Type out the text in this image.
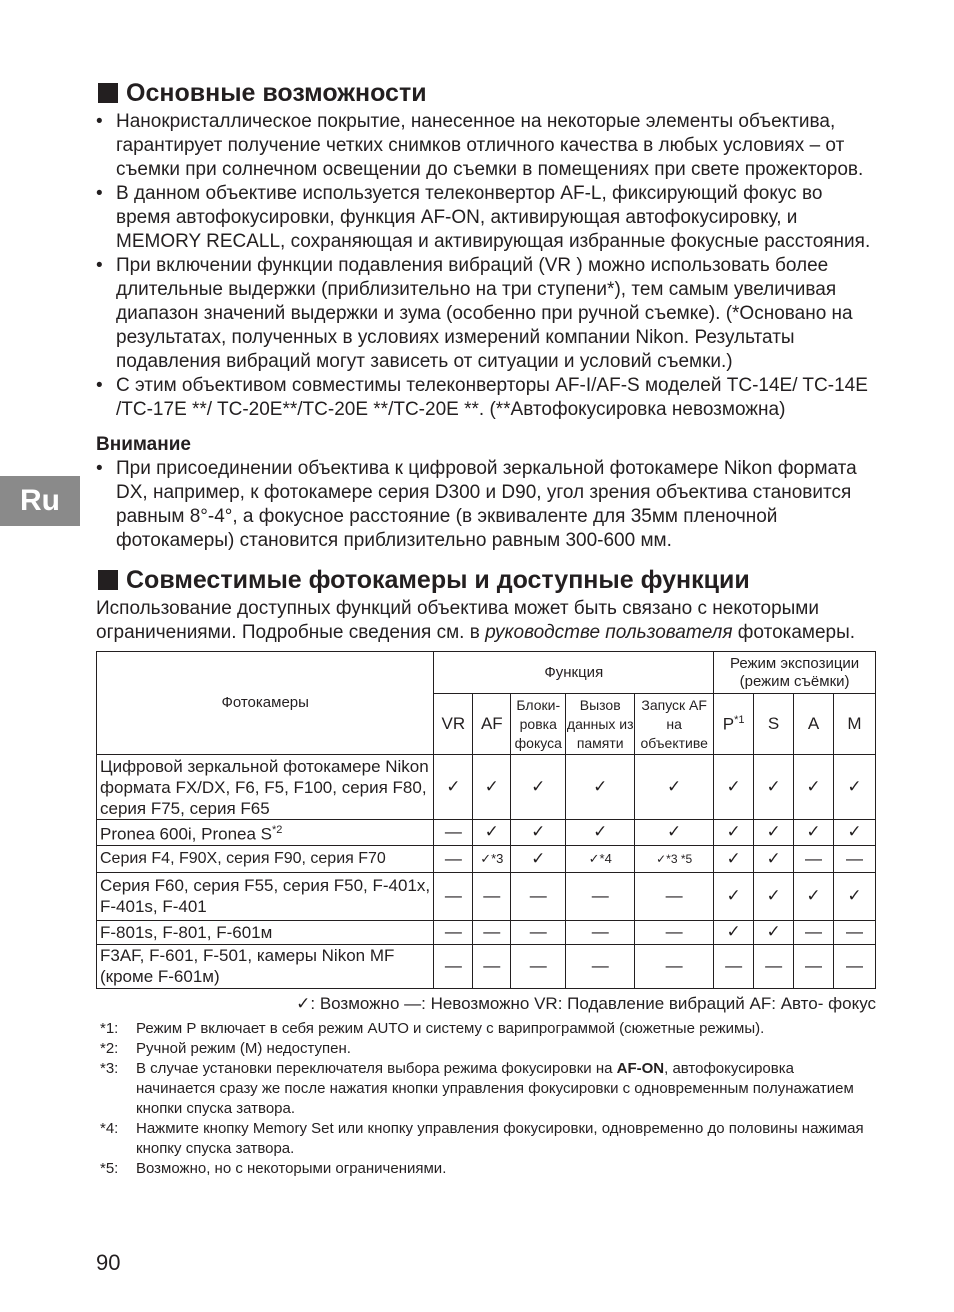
Ru
Основные возможности
• Нанокристаллическое покрытие, нанесенное на некоторые элементы объектива, гарантирует получение четких снимков отличного качества в любых условиях – от съемки при солнечном освещении до съемки в помещениях при свете прожекторов.
• В данном объективе используется телеконвертор AF-L, фиксирующий фокус во время автофокусировки, функция AF-ON, активирующая автофокусировку, и MEMORY RECALL, сохраняющая и активирующая избранные фокусные расстояния.
• При включении функции подавления вибраций (VR ) можно использовать более длительные выдержки (приблизительно на три ступени*), тем самым увеличивая диапазон значений выдержки и зума (особенно при ручной съемке). (*Основано на результатах, полученных в условиях измерений компании Nikon. Результаты подавления вибраций могут зависеть от ситуации и условий съемки.)
• С этим объективом совместимы телеконверторы AF-I/AF-S моделей TC-14E/ TC-14E /TC-17E **/ TC-20E**/TC-20E **/TC-20E **. (**Автофокусировка невозможна)
Внимание
• При присоединении объектива к цифровой зеркальной фотокамере Nikon формата DX, например, к фотокамере серия D300 и D90, угол зрения объектива становится равным 8°-4°, а фокусное расстояние (в эквиваленте для 35мм пленочной фотокамеры) становится приблизительно равным 300-600 мм.
Совместимые фотокамеры и доступные функции

Использование доступных функций объектива может быть связано с некоторыми ограничениями. Подробные сведения см. в руководстве пользователя фотокамеры.

Фотокамеры	Функция					Режим экспозиции (режим съёмки)			
	VR	AF	Блоки-ровка фокуса	Вызов данных из памяти	Запуск AF на объективе	$P^{*1}$	S	A	M
Цифровой зеркальной фотокамере Nikon формата FX/DX, F6, F5, F100, серия F80, серия F75, серия F65	✓	✓	✓	✓	✓	✓	✓	✓	✓
Pronea 600i, Pronea $S^{*2}$	—	✓	✓	✓	✓	✓	✓	✓	✓
Серия F4, F90X, серия F90, серия F70	—	✓*3	✓	✓*4	✓*3 *5	✓	✓	—	—
Серия F60, серия F55, серия F50, F-401x, F-401s, F-401	—	—	—	—	—	✓	✓	✓	✓
F-801s, F-801, F-601м	—	—	—	—	—	✓	✓	—	—
F3AF, F-601, F-501, камеры Nikon MF (кроме F-601м)	—	—	—	—	—	—	—	—	—
✓: Возможно —: Невозможно VR: Подавление вибраций AF: Авто- фокус
*1:	Режим P включает в себя режим AUTO и систему с варипрограммой (сюжетные режимы).
*2:	Ручной режим (M) недоступен.
*3:	В случае установки переключателя выбора режима фокусировки на AF-ON, автофокусировка начинается сразу же после нажатия кнопки управления фокусировки с одновременным полунажатием кнопки спуска затвора.
*4:	Нажмите кнопку Memory Set или кнопку управления фокусировки, одновременно до половины нажимая кнопку спуска затвора.
*5:	Возможно, но с некоторыми ограничениями.
90
